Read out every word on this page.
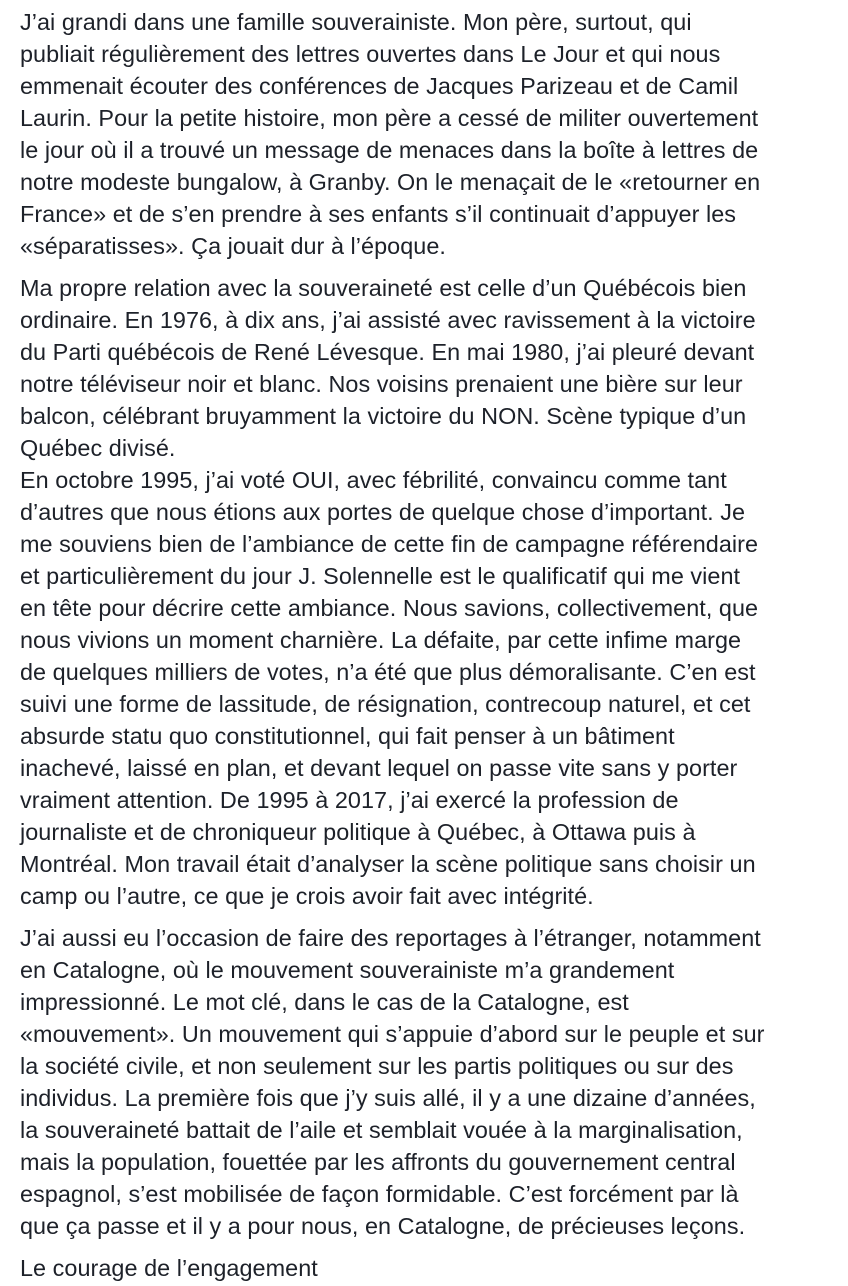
J’ai grandi dans une famille souverainiste. Mon père, surtout, qui
publiait régulièrement des lettres ouvertes dans Le Jour et qui nous
emmenait écouter des conférences de Jacques Parizeau et de Camil
Laurin. Pour la petite histoire, mon père a cessé de militer ouvertement
le jour où il a trouvé un message de menaces dans la boîte à lettres de
notre modeste bungalow, à Granby. On le menaçait de le «retourner en
France» et de s’en prendre à ses enfants s’il continuait d’appuyer les
«séparatisses». Ça jouait dur à l’époque.

Ma propre relation avec la souveraineté est celle d’un Québécois bien
ordinaire. En 1976, à dix ans, j’ai assisté avec ravissement à la victoire
du Parti québécois de René Lévesque. En mai 1980, j’ai pleuré devant
notre téléviseur noir et blanc. Nos voisins prenaient une bière sur leur
balcon, célébrant bruyamment la victoire du NON. Scène typique d’un
Québec divisé.
En octobre 1995, j’ai voté OUI, avec fébrilité, convaincu comme tant
d’autres que nous étions aux portes de quelque chose d’important. Je
me souviens bien de l’ambiance de cette fin de campagne référendaire
et particulièrement du jour J. Solennelle est le qualificatif qui me vient
en tête pour décrire cette ambiance. Nous savions, collectivement, que
nous vivions un moment charnière. La défaite, par cette infime marge
de quelques milliers de votes, n’a été que plus démoralisante. C’en est
suivi une forme de lassitude, de résignation, contrecoup naturel, et cet
absurde statu quo constitutionnel, qui fait penser à un bâtiment
inachevé, laissé en plan, et devant lequel on passe vite sans y porter
vraiment attention. De 1995 à 2017, j’ai exercé la profession de
journaliste et de chroniqueur politique à Québec, à Ottawa puis à
Montréal. Mon travail était d’analyser la scène politique sans choisir un
camp ou l’autre, ce que je crois avoir fait avec intégrité.

J’ai aussi eu l’occasion de faire des reportages à l’étranger, notamment
en Catalogne, où le mouvement souverainiste m’a grandement
impressionné. Le mot clé, dans le cas de la Catalogne, est
«mouvement». Un mouvement qui s’appuie d’abord sur le peuple et sur
la société civile, et non seulement sur les partis politiques ou sur des
individus. La première fois que j’y suis allé, il y a une dizaine d’années,
la souveraineté battait de l’aile et semblait vouée à la marginalisation,
mais la population, fouettée par les affronts du gouvernement central
espagnol, s’est mobilisée de façon formidable. C’est forcément par là
que ça passe et il y a pour nous, en Catalogne, de précieuses leçons.

Le courage de l’engagement
